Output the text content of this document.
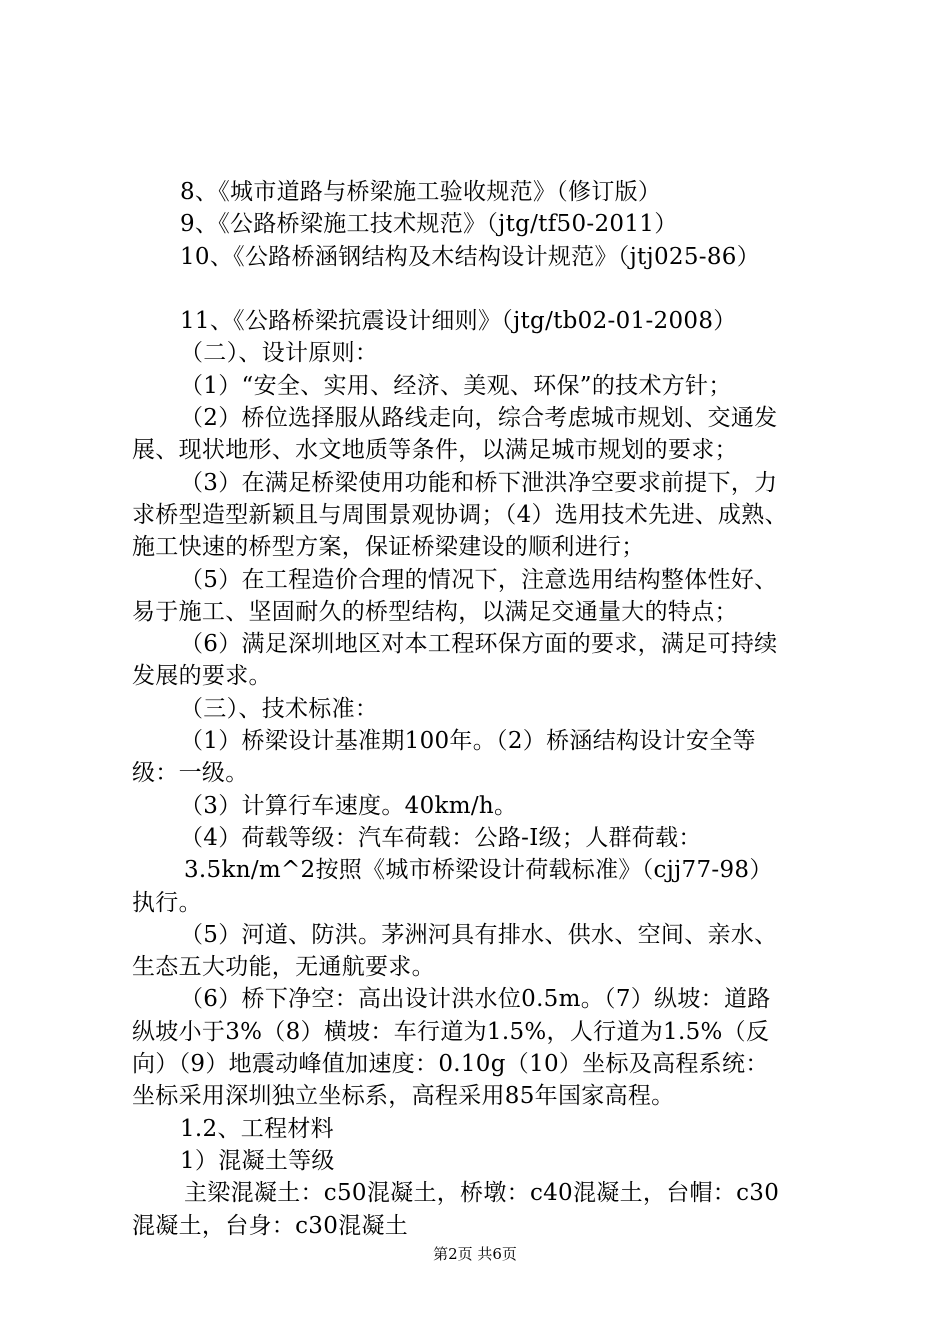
8、《城市道路与桥梁施工验收规范》（修订版）
9、《公路桥梁施工技术规范》（jtg/tf50-2011）
10、《公路桥涵钢结构及木结构设计规范》（jtj025-86）
11、《公路桥梁抗震设计细则》（jtg/tb02-01-2008）
（二）、设计原则：
（1）“安全、实用、经济、美观、环保”的技术方针；
（2）桥位选择服从路线走向，综合考虑城市规划、交通发
展、现状地形、水文地质等条件，以满足城市规划的要求；
（3）在满足桥梁使用功能和桥下泄洪净空要求前提下，力
求桥型造型新颖且与周围景观协调；（4）选用技术先进、成熟、
施工快速的桥型方案，保证桥梁建设的顺利进行；
（5）在工程造价合理的情况下，注意选用结构整体性好、
易于施工、坚固耐久的桥型结构，以满足交通量大的特点；
（6）满足深圳地区对本工程环保方面的要求，满足可持续
发展的要求。
（三）、技术标准：
（1）桥梁设计基准期100年。（2）桥涵结构设计安全等
级：一级。
（3）计算行车速度。40km/h。
（4）荷载等级：汽车荷载：公路-Ⅰ级；人群荷载：
3.5kn/m^2按照《城市桥梁设计荷载标准》（cjj77-98）
执行。
（5）河道、防洪。茅洲河具有排水、供水、空间、亲水、
生态五大功能，无通航要求。
（6）桥下净空：高出设计洪水位0.5m。（7）纵坡：道路
纵坡小于3%（8）横坡：车行道为1.5%，人行道为1.5%（反
向）（9）地震动峰值加速度：0.10g（10）坐标及高程系统：
坐标采用深圳独立坐标系，高程采用85年国家高程。
1.2、工程材料
1）混凝土等级
主梁混凝土：c50混凝土，桥墩：c40混凝土，台帽：c30
混凝土，台身：c30混凝土
第2页 共6页
